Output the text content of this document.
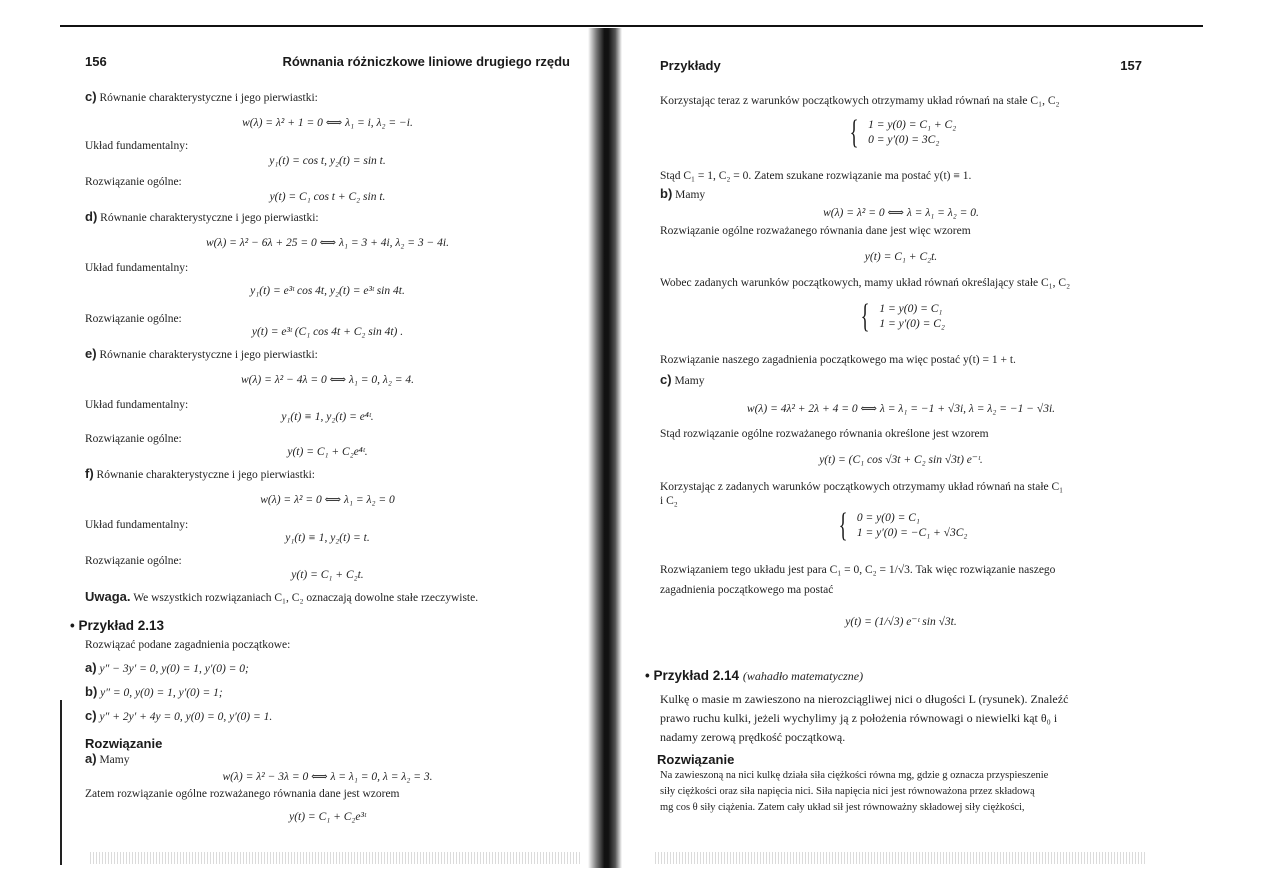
156	Równania różniczkowe liniowe drugiego rzędu
c) Równanie charakterystyczne i jego pierwiastki:
w(λ) = λ² + 1 = 0 ⟺ λ₁ = i, λ₂ = −i.
Układ fundamentalny:
y₁(t) = cos t, y₂(t) = sin t.
Rozwiązanie ogólne:
y(t) = C₁ cos t + C₂ sin t.
d) Równanie charakterystyczne i jego pierwiastki:
w(λ) = λ² − 6λ + 25 = 0 ⟺ λ₁ = 3 + 4i, λ₂ = 3 − 4i.
Układ fundamentalny:
y₁(t) = e³ᵗ cos 4t, y₂(t) = e³ᵗ sin 4t.
Rozwiązanie ogólne:
y(t) = e³ᵗ (C₁ cos 4t + C₂ sin 4t) .
e) Równanie charakterystyczne i jego pierwiastki:
w(λ) = λ² − 4λ = 0 ⟺ λ₁ = 0, λ₂ = 4.
Układ fundamentalny:
y₁(t) ≡ 1, y₂(t) = e⁴ᵗ.
Rozwiązanie ogólne:
y(t) = C₁ + C₂e⁴ᵗ.
f) Równanie charakterystyczne i jego pierwiastki:
w(λ) = λ² = 0 ⟺ λ₁ = λ₂ = 0
Układ fundamentalny:
y₁(t) ≡ 1, y₂(t) = t.
Rozwiązanie ogólne:
y(t) = C₁ + C₂t.
Uwaga. We wszystkich rozwiązaniach C₁, C₂ oznaczają dowolne stałe rzeczywiste.
• Przykład 2.13
Rozwiązać podane zagadnienia początkowe:
a) y″ − 3y′ = 0, y(0) = 1, y′(0) = 0;
b) y″ = 0, y(0) = 1, y′(0) = 1;
c) y″ + 2y′ + 4y = 0, y(0) = 0, y′(0) = 1.
Rozwiązanie
a) Mamy
w(λ) = λ² − 3λ = 0 ⟺ λ = λ₁ = 0, λ = λ₂ = 3.
Zatem rozwiązanie ogólne rozważanego równania dane jest wzorem
y(t) = C₁ + C₂e³ᵗ
Przykłady	157
Korzystając teraz z warunków początkowych otrzymamy układ równań na stałe C₁, C₂
{ 1 = y(0) = C₁ + C₂
0 = y′(0) = 3C₂
Stąd C₁ = 1, C₂ = 0. Zatem szukane rozwiązanie ma postać y(t) ≡ 1.
b) Mamy
w(λ) = λ² = 0 ⟺ λ = λ₁ = λ₂ = 0.
Rozwiązanie ogólne rozważanego równania dane jest więc wzorem
y(t) = C₁ + C₂t.
Wobec zadanych warunków początkowych, mamy układ równań określający stałe C₁, C₂
{ 1 = y(0) = C₁
1 = y′(0) = C₂
Rozwiązanie naszego zagadnienia początkowego ma więc postać y(t) = 1 + t.
c) Mamy
w(λ) = 4λ² + 2λ + 4 = 0 ⟺ λ = λ₁ = −1 + √3i, λ = λ₂ = −1 − √3i.
Stąd rozwiązanie ogólne rozważanego równania określone jest wzorem
y(t) = (C₁ cos √3t + C₂ sin √3t) e⁻ᵗ.
Korzystając z zadanych warunków początkowych otrzymamy układ równań na stałe C₁
i C₂
{ 0 = y(0) = C₁
1 = y′(0) = −C₁ + √3C₂
Rozwiązaniem tego układu jest para C₁ = 0, C₂ = 1/√3. Tak więc rozwiązanie naszego
zagadnienia początkowego ma postać
y(t) = (1/√3) e⁻ᵗ sin √3t.
• Przykład 2.14 (wahadło matematyczne)
Kulkę o masie m zawieszono na nierozciągliwej nici o długości L (rysunek). Znaleźć
prawo ruchu kulki, jeżeli wychylimy ją z położenia równowagi o niewielki kąt θ₀ i
nadamy zerową prędkość początkową.
Rozwiązanie
Na zawieszoną na nici kulkę działa siła ciężkości równa mg, gdzie g oznacza przyspieszenie
siły ciężkości oraz siła napięcia nici. Siła napięcia nici jest równoważona przez składową
mg cos θ siły ciążenia. Zatem cały układ sił jest równoważny składowej siły ciężkości,
